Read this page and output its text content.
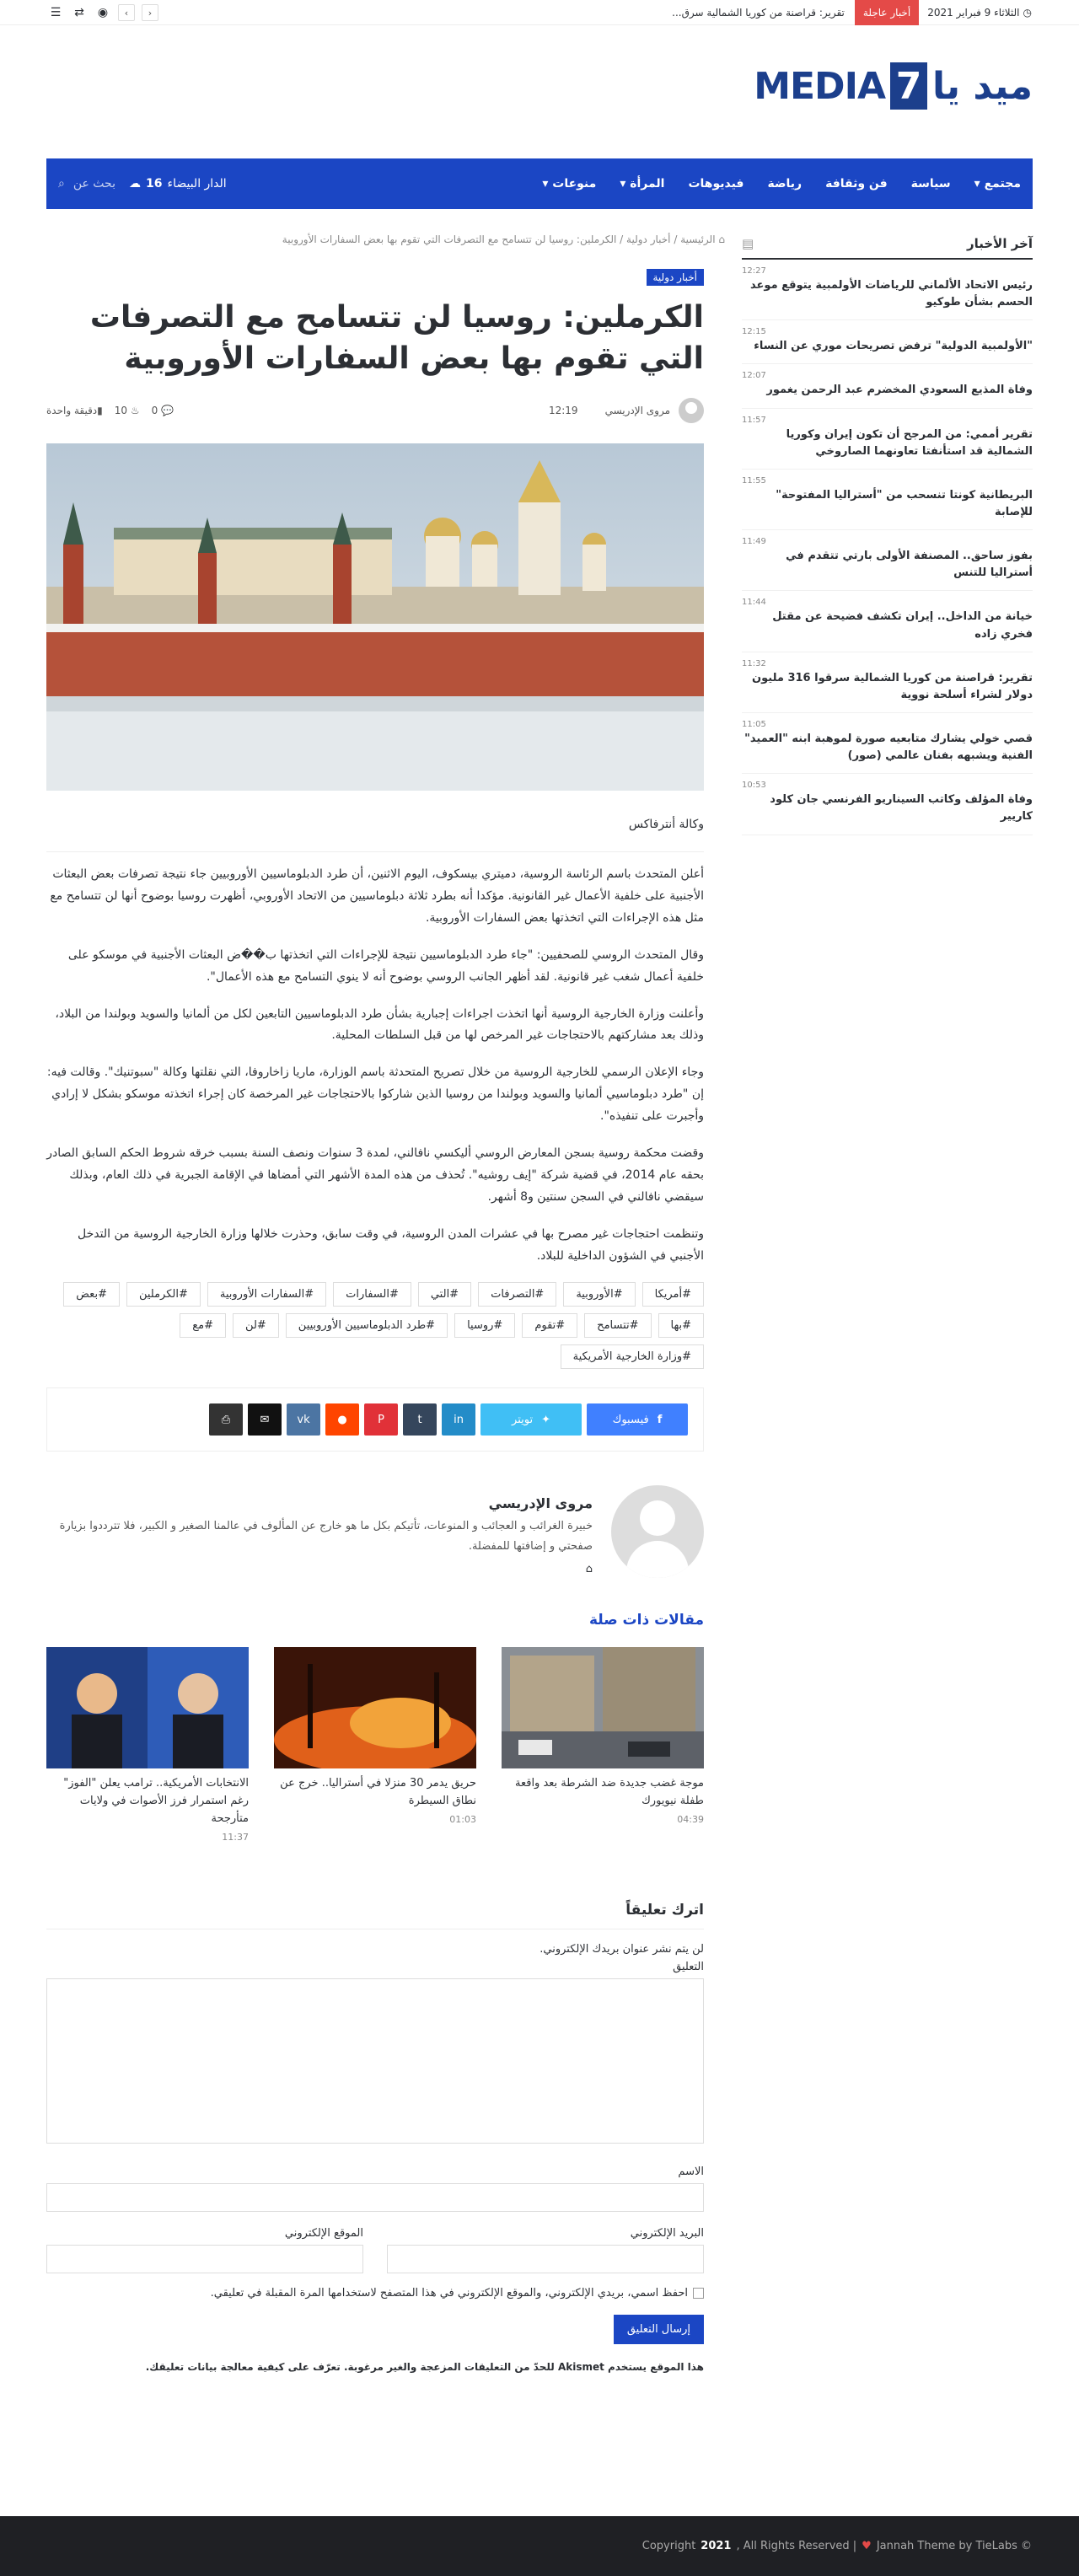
◷
الثلاثاء 9 فبراير 2021
أخبار عاجلة
تقرير: قراصنة من كوريا الشمالية سرق...
☰ ⇄ ◉	‹	›
MEDIA 7 ميد يا
مجتمع ▾
سياسة
فن وثقافة
رياضة
فيديوهات
المرأة ▾
منوعات ▾
الدار البيضاء
16
☁
بحث عن
⌕
⌂ الرئيسية / أخبار دولية / الكرملين: روسيا لن تتسامح مع التصرفات التي تقوم بها بعض السفارات الأوروبية
أخبار دولية
الكرملين: روسيا لن تتسامح مع التصرفات التي تقوم بها بعض السفارات الأوروبية
مروى الإدريسي
12:19
💬 0
♨ 10
▮دقيقة واحدة

وكالة أنترفاكس

أعلن المتحدث باسم الرئاسة الروسية، دميتري بيسكوف، اليوم الاثنين، أن طرد الدبلوماسيين الأوروبيين جاء نتيجة تصرفات بعض البعثات الأجنبية على خلفية الأعمال غير القانونية. مؤكدا أنه بطرد ثلاثة دبلوماسيين من الاتحاد الأوروبي، أظهرت روسيا بوضوح أنها لن تتسامح مع مثل هذه الإجراءات التي اتخذتها بعض السفارات الأوروبية.

وقال المتحدث الروسي للصحفيين: "جاء طرد الدبلوماسيين نتيجة للإجراءات التي اتخذتها ب��ض البعثات الأجنبية في موسكو على خلفية أعمال شغب غير قانونية. لقد أظهر الجانب الروسي بوضوح أنه لا ينوي التسامح مع هذه الأعمال".

وأعلنت وزارة الخارجية الروسية أنها اتخذت اجراءات إجبارية بشأن طرد الدبلوماسيين التابعين لكل من ألمانيا والسويد وبولندا من البلاد، وذلك بعد مشاركتهم بالاحتجاجات غير المرخص لها من قبل السلطات المحلية.

وجاء الإعلان الرسمي للخارجية الروسية من خلال تصريح المتحدثة باسم الوزارة، ماريا زاخاروفا، التي نقلتها وكالة "سبوتنيك". وقالت فيه: إن "طرد دبلوماسيي ألمانيا والسويد وبولندا من روسيا الذين شاركوا بالاحتجاجات غير المرخصة كان إجراء اتخذته موسكو بشكل لا إرادي وأجبرت على تنفيذه".

وقضت محكمة روسية بسجن المعارض الروسي أليكسي نافالني، لمدة 3 سنوات ونصف السنة بسبب خرقه شروط الحكم السابق الصادر بحقه عام 2014، في قضية شركة "إيف روشيه". تُحذف من هذه المدة الأشهر التي أمضاها في الإقامة الجبرية في ذلك العام، وبذلك سيقضي نافالني في السجن سنتين و8 أشهر.

وتنظمت احتجاجات غير مصرح بها في عشرات المدن الروسية، في وقت سابق، وحذرت خلالها وزارة الخارجية الروسية من التدخل الأجنبي في الشؤون الداخلية للبلاد.

#أمريكا
#الأوروبية
#التصرفات
#التي
#السفارات
#السفارات الأوروبية
#الكرملين
#بعض
#بها
#تتسامح
#تقوم
#روسيا
#طرد الدبلوماسيين الأوروبيين
#لن
#مع
#وزارة الخارجية الأمريكية
f
ﻓﻴﺴﺒﻮﻙ
✦
ﺗﻮﻳﺘﺮ
in
t
P
●
vk
✉
⎙
مروى الإدريسي
خبيرة الغرائب و العجائب و المنوعات، تأتيكم بكل ما هو خارج عن المألوف في عالمنا الصغير و الكبير، فلا تترددوا بزيارة صفحتي و إضافتها للمفضلة.
⌂
مقالات ذات صلة
موجة غضب جديدة ضد الشرطة بعد واقعة طفلة نيويورك
04:39
حريق يدمر 30 منزلا في أستراليا.. خرج عن نطاق السيطرة
01:03
الانتخابات الأمريكية.. ترامب يعلن "الفوز" رغم استمرار فرز الأصوات في ولايات متأرجحة
11:37
اترك تعليقاً
لن يتم نشر عنوان بريدك الإلكتروني.
التعليق
الاسم
البريد الإلكتروني
الموقع الإلكتروني
احفظ اسمي، بريدي الإلكتروني، والموقع الإلكتروني في هذا المتصفح لاستخدامها المرة المقبلة في تعليقي.
إرسال التعليق
هذا الموقع يستخدم Akismet للحدّ من التعليقات المزعجة والغير مرغوبة. تعرّف على كيفية معالجة بيانات تعليقك.
آخر الأخبار
▤
12:27
رئيس الاتحاد الألماني للرياضات الأولمبية يتوقع موعد الحسم بشأن طوكيو
12:15
"الأولمبية الدولية" ترفض تصريحات موري عن النساء
12:07
وفاة المذيع السعودي المخضرم عبد الرحمن يغمور
11:57
تقرير أممي: من المرجح أن تكون إيران وكوريا الشمالية قد استأنفتا تعاونهما الصاروخي
11:55
البريطانية كونتا تنسحب من "أستراليا المفتوحة" للإصابة
11:49
بفوز ساحق.. المصنفة الأولى بارتي تتقدم في أستراليا للتنس
11:44
خيانة من الداخل.. إيران تكشف فضيحة عن مقتل فخري زاده
11:32
تقرير: قراصنة من كوريا الشمالية سرقوا 316 مليون دولار لشراء أسلحة نووية
11:05
قصي خولي يشارك متابعيه صورة لموهبة ابنه "العميد" الفنية ويشبهه بفنان عالمي (صور)
10:53
وفاة المؤلف وكاتب السيناريو الفرنسي جان كلود كاريير
Copyright 2021 , All Rights Reserved | ♥ Jannah Theme by TieLabs ©
